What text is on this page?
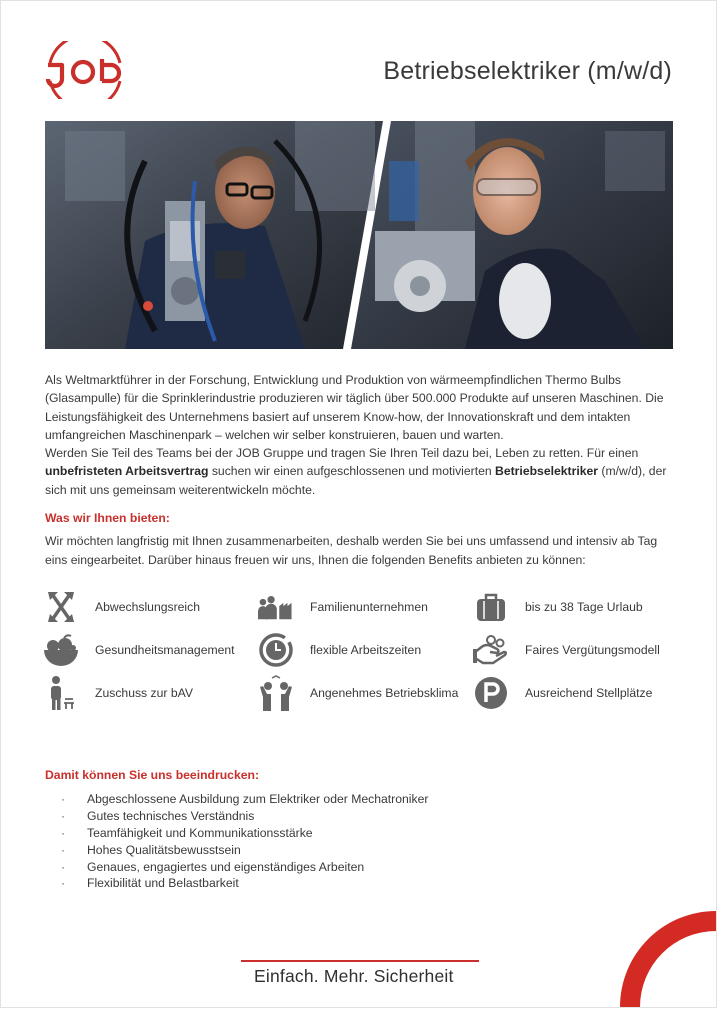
Betriebselektriker (m/w/d)

Als Weltmarktführer in der Forschung, Entwicklung und Produktion von wärmeempfindlichen Thermo Bulbs (Glasampulle) für die Sprinklerindustrie produzieren wir täglich über 500.000 Produkte auf unseren Maschinen. Die Leistungsfähigkeit des Unternehmens basiert auf unserem Know-how, der Innovationskraft und dem intakten umfangreichen Maschinenpark – welchen wir selber konstruieren, bauen und warten.

Werden Sie Teil des Teams bei der JOB Gruppe und tragen Sie Ihren Teil dazu bei, Leben zu retten. Für einen unbefristeten Arbeitsvertrag suchen wir einen aufgeschlossenen und motivierten Betriebselektriker (m/w/d), der sich mit uns gemeinsam weiterentwickeln möchte.

Was wir Ihnen bieten:
Wir möchten langfristig mit Ihnen zusammenarbeiten, deshalb werden Sie bei uns umfassend und intensiv ab Tag eins eingearbeitet. Darüber hinaus freuen wir uns, Ihnen die folgenden Benefits anbieten zu können:
Abwechslungsreich	Familienunternehmen	bis zu 38 Tage Urlaub
Gesundheitsmanagement	flexible Arbeitszeiten	Faires Vergütungsmodell
Zuschuss zur bAV	Angenehmes Betriebsklima	Ausreichend Stellplätze
Damit können Sie uns beeindrucken:
·	Abgeschlossene Ausbildung zum Elektriker oder Mechatroniker
·	Gutes technisches Verständnis
·	Teamfähigkeit und Kommunikationsstärke
·	Hohes Qualitätsbewusstsein
·	Genaues, engagiertes und eigenständiges Arbeiten
·	Flexibilität und Belastbarkeit
Einfach. Mehr. Sicherheit
